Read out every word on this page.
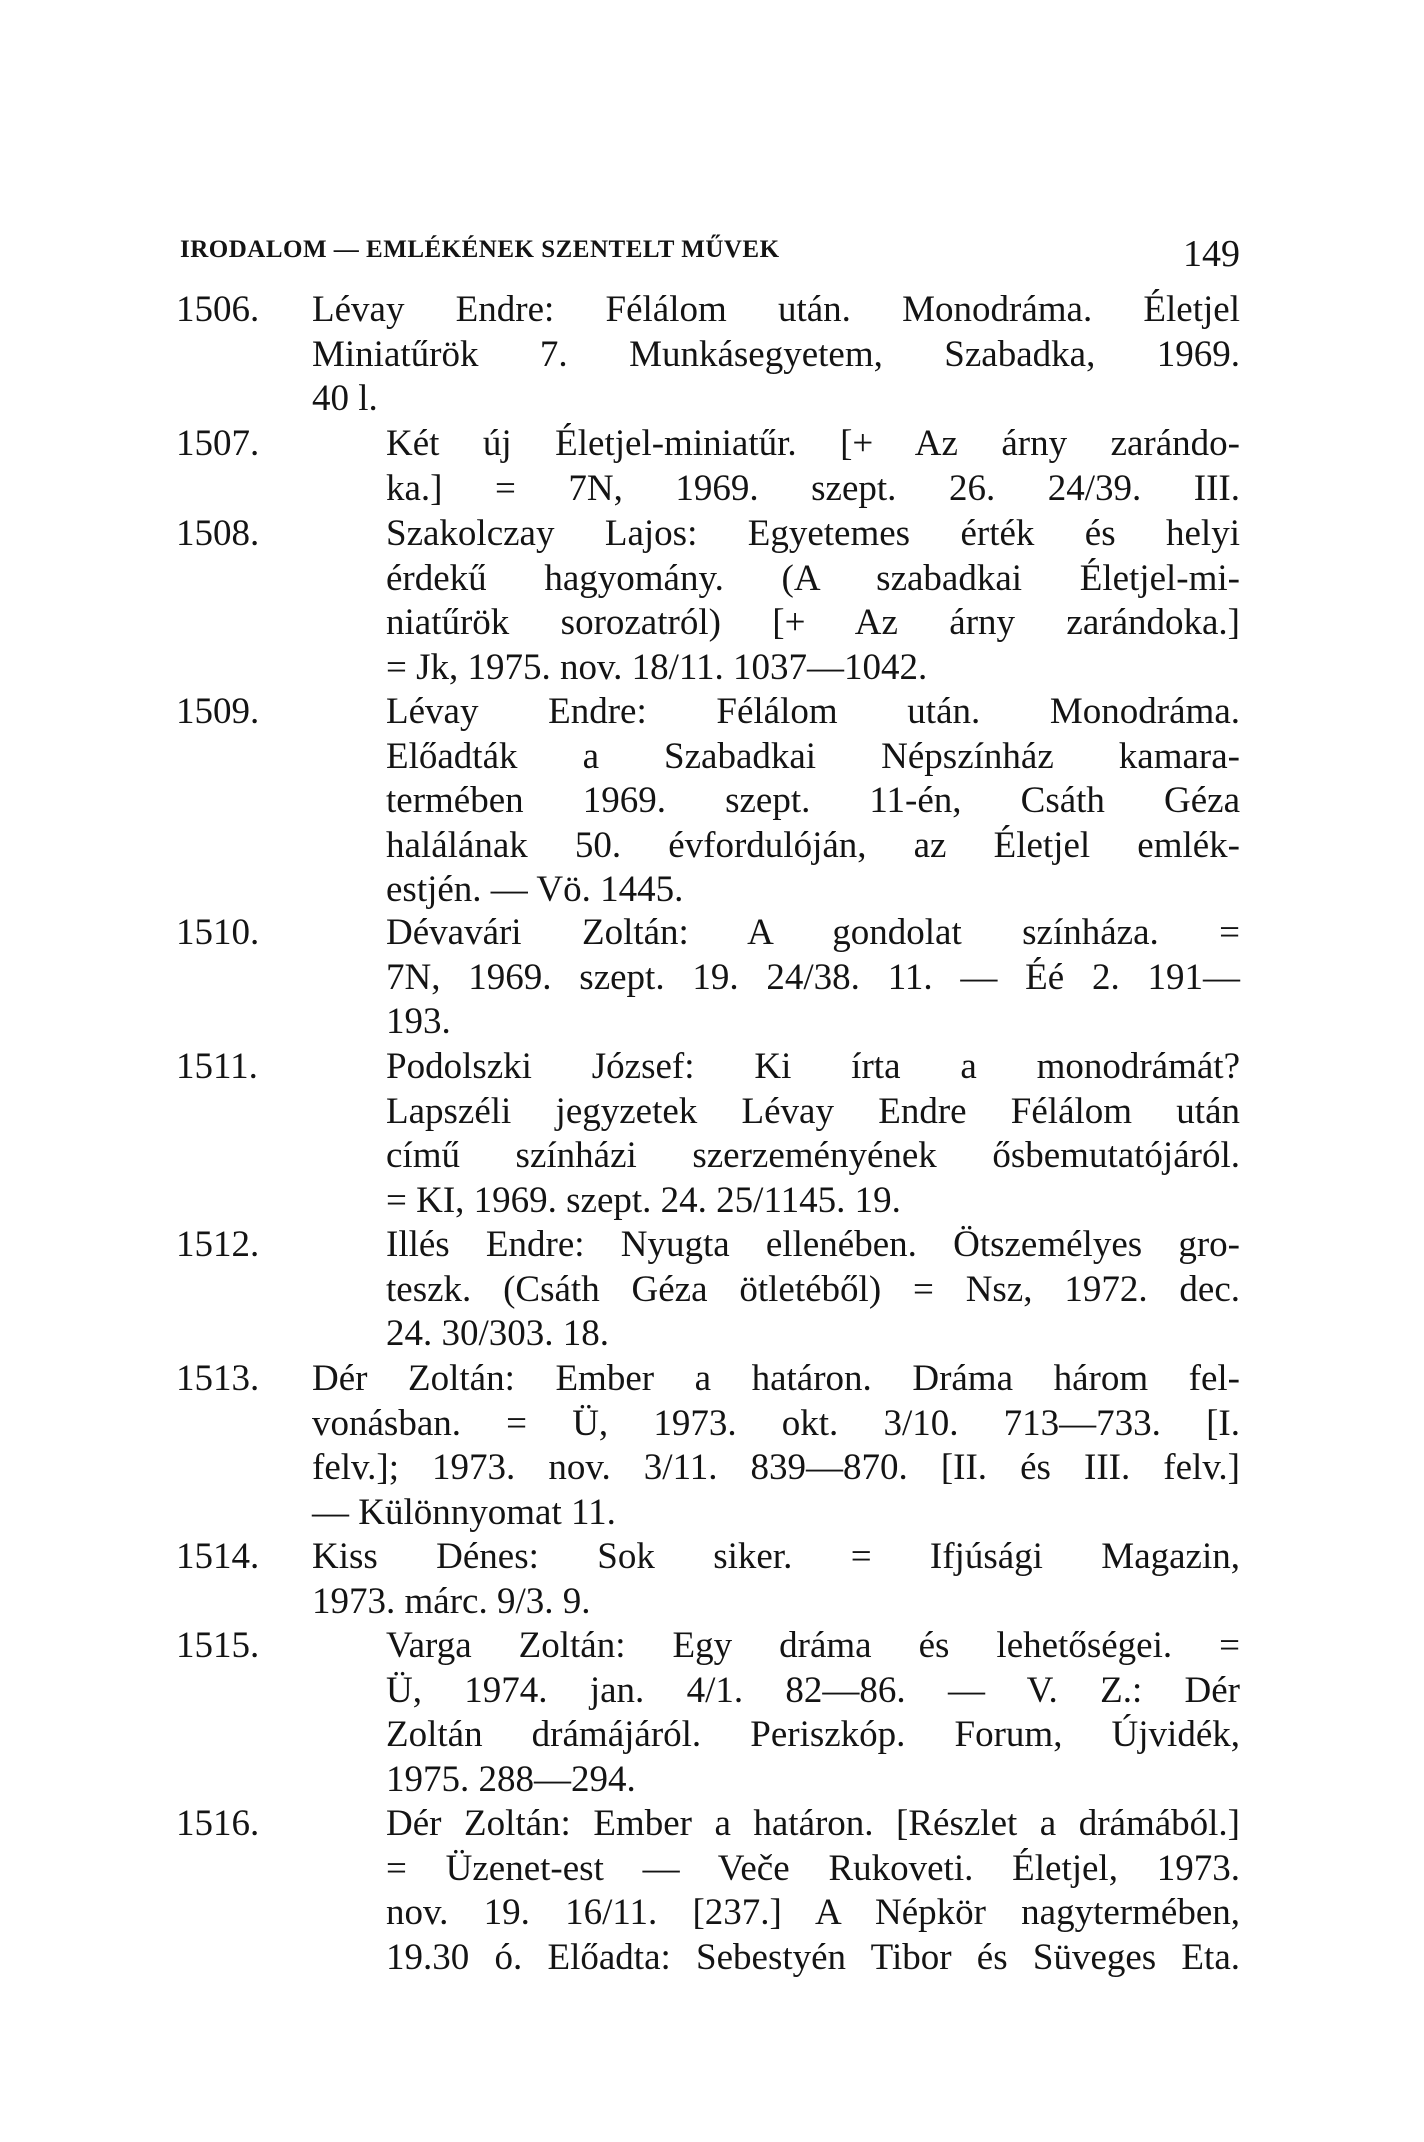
IRODALOM — EMLÉKÉNEK SZENTELT MŰVEK	149
1506. Lévay Endre: Félálom után. Monodráma. Életjel
Miniatűrök 7. Munkásegyetem, Szabadka, 1969.
40 l.
1507.	Két új Életjel-miniatűr. [+ Az árny zarándo-
ka.] = 7N, 1969. szept. 26. 24/39. III.
1508.	Szakolczay Lajos: Egyetemes érték és helyi
érdekű hagyomány. (A szabadkai Életjel-mi-
niatűrök sorozatról) [+ Az árny zarándoka.]
= Jk, 1975. nov. 18/11. 1037—1042.
1509.	Lévay Endre: Félálom után. Monodráma.
Előadták a Szabadkai Népszínház kamara-
termében 1969. szept. 11-én, Csáth Géza
halálának 50. évfordulóján, az Életjel emlék-
estjén. — Vö. 1445.
1510.	Dévavári Zoltán: A gondolat színháza. =
7N, 1969. szept. 19. 24/38. 11. — Éé 2. 191—
193.
1511.	Podolszki József: Ki írta a monodrámát?
Lapszéli jegyzetek Lévay Endre Félálom után
című színházi szerzeményének ősbemutatójáról.
= KI, 1969. szept. 24. 25/1145. 19.
1512.	Illés Endre: Nyugta ellenében. Ötszemélyes gro-
teszk. (Csáth Géza ötletéből) = Nsz, 1972. dec.
24. 30/303. 18.
1513. Dér Zoltán: Ember a határon. Dráma három fel-
vonásban. = Ü, 1973. okt. 3/10. 713—733. [I.
felv.]; 1973. nov. 3/11. 839—870. [II. és III. felv.]
— Különnyomat 11.
1514. Kiss Dénes: Sok siker. = Ifjúsági Magazin,
1973. márc. 9/3. 9.
1515.	Varga Zoltán: Egy dráma és lehetőségei. =
Ü, 1974. jan. 4/1. 82—86. — V. Z.: Dér
Zoltán drámájáról. Periszkóp. Forum, Újvidék,
1975. 288—294.
1516.	Dér Zoltán: Ember a határon. [Részlet a drámából.]
= Üzenet-est — Veče Rukoveti. Életjel, 1973.
nov. 19. 16/11. [237.] A Népkör nagytermében,
19.30 ó. Előadta: Sebestyén Tibor és Süveges Eta.
